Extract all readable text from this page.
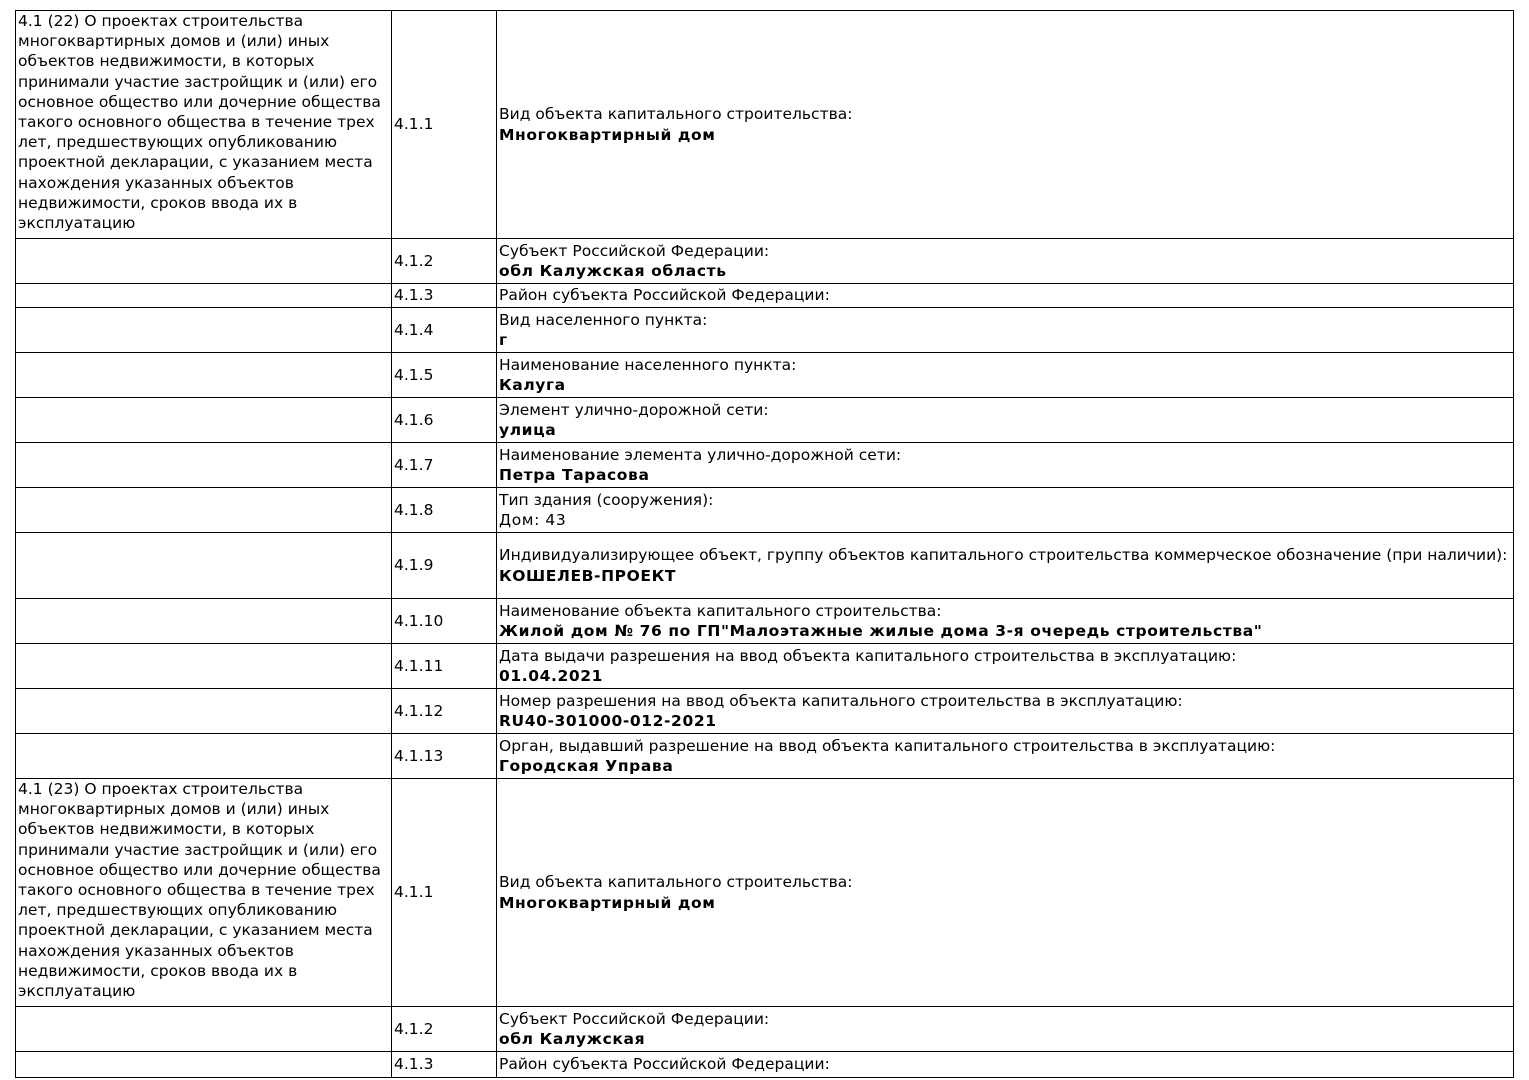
4.1 (22) О проектах строительства многоквартирных домов и (или) иных объектов недвижимости, в которых принимали участие застройщик и (или) его основное общество или дочерние общества такого основного общества в течение трех лет, предшествующих опубликованию проектной декларации, с указанием места нахождения указанных объектов недвижимости, сроков ввода их в эксплуатацию	4.1.1	Вид объекта капитального строительства:
Многоквартирный дом

	4.1.2	Субъект Российской Федерации:
обл Калужская область

	4.1.3	Район субъекта Российской Федерации:

	4.1.4	Вид населенного пункта:
г

	4.1.5	Наименование населенного пункта:
Калуга

	4.1.6	Элемент улично-дорожной сети:
улица

	4.1.7	Наименование элемента улично-дорожной сети:
Петра Тарасова

	4.1.8	Тип здания (сооружения):
Дом: 43

	4.1.9	Индивидуализирующее объект, группу объектов капитального строительства коммерческое обозначение (при наличии):
КОШЕЛЕВ-ПРОЕКТ

	4.1.10	Наименование объекта капитального строительства:
Жилой дом № 76 по ГП"Малоэтажные жилые дома 3-я очередь строительства"

	4.1.11	Дата выдачи разрешения на ввод объекта капитального строительства в эксплуатацию:
01.04.2021

	4.1.12	Номер разрешения на ввод объекта капитального строительства в эксплуатацию:
RU40-301000-012-2021

	4.1.13	Орган, выдавший разрешение на ввод объекта капитального строительства в эксплуатацию:
Городская Управа

4.1 (23) О проектах строительства многоквартирных домов и (или) иных объектов недвижимости, в которых принимали участие застройщик и (или) его основное общество или дочерние общества такого основного общества в течение трех лет, предшествующих опубликованию проектной декларации, с указанием места нахождения указанных объектов недвижимости, сроков ввода их в эксплуатацию	4.1.1	Вид объекта капитального строительства:
Многоквартирный дом

	4.1.2	Субъект Российской Федерации:
обл Калужская

	4.1.3	Район субъекта Российской Федерации:
